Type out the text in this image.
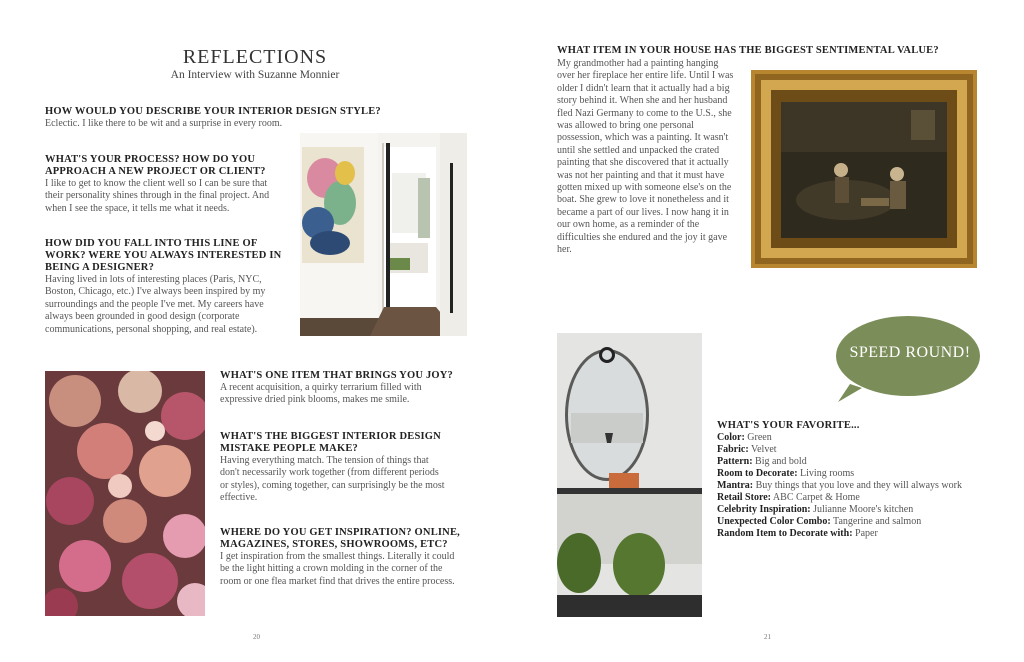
REFLECTIONS
An Interview with Suzanne Monnier

HOW WOULD YOU DESCRIBE YOUR INTERIOR DESIGN STYLE?

Eclectic. I like there to be wit and a surprise in every room.

WHAT'S YOUR PROCESS? HOW DO YOU APPROACH A NEW PROJECT OR CLIENT?

I like to get to know the client well so I can be sure that their personality shines through in the final project. And when I see the space, it tells me what it needs.

HOW DID YOU FALL INTO THIS LINE OF WORK? WERE YOU ALWAYS INTERESTED IN BEING A DESIGNER?

Having lived in lots of interesting places (Paris, NYC, Boston, Chicago, etc.) I've always been inspired by my surroundings and the people I've met. My careers have always been grounded in good design (corporate communications, personal shopping, and real estate).

WHAT'S ONE ITEM THAT BRINGS YOU JOY?

A recent acquisition, a quirky terrarium filled with expressive dried pink blooms, makes me smile.

WHAT'S THE BIGGEST INTERIOR DESIGN MISTAKE PEOPLE MAKE?

Having everything match. The tension of things that don't necessarily work together (from different periods or styles), coming together, can surprisingly be the most effective.

WHERE DO YOU GET INSPIRATION? ONLINE, MAGAZINES, STORES, SHOWROOMS, ETC?

I get inspiration from the smallest things. Literally it could be the light hitting a crown molding in the corner of the room or one flea market find that drives the entire process.

20

WHAT ITEM IN YOUR HOUSE HAS THE BIGGEST SENTIMENTAL VALUE?

My grandmother had a painting hanging over her fireplace her entire life. Until I was older I didn't learn that it actually had a big story behind it. When she and her husband fled Nazi Germany to come to the U.S., she was allowed to bring one personal possession, which was a painting. It wasn't until she settled and unpacked the crated painting that she discovered that it actually was not her painting and that it must have gotten mixed up with someone else's on the boat. She grew to love it nonetheless and it became a part of our lives. I now hang it in our own home, as a reminder of the difficulties she endured and the joy it gave her.

SPEED ROUND!

WHAT'S YOUR FAVORITE...

Color: Green
Fabric: Velvet
Pattern: Big and bold
Room to Decorate: Living rooms
Mantra: Buy things that you love and they will always work
Retail Store: ABC Carpet & Home
Celebrity Inspiration: Julianne Moore's kitchen
Unexpected Color Combo: Tangerine and salmon
Random Item to Decorate with: Paper
21
